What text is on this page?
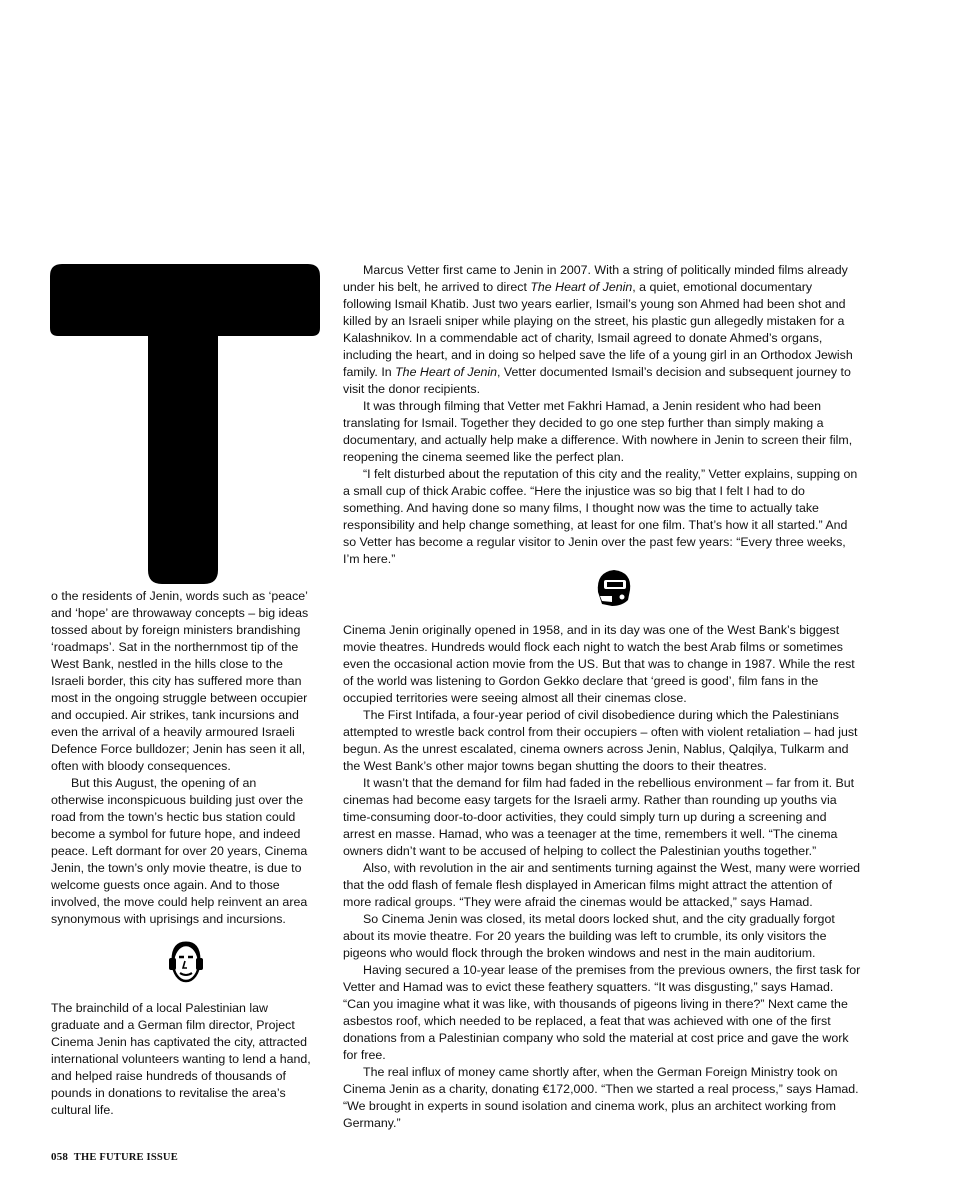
o the residents of Jenin, words such as ‘peace’ and ‘hope’ are throwaway concepts – big ideas tossed about by foreign ministers brandishing ‘roadmaps’. Sat in the northernmost tip of the West Bank, nestled in the hills close to the Israeli border, this city has suffered more than most in the ongoing struggle between occupier and occupied. Air strikes, tank incursions and even the arrival of a heavily armoured Israeli Defence Force bulldozer; Jenin has seen it all, often with bloody consequences.

But this August, the opening of an otherwise inconspicuous building just over the road from the town’s hectic bus station could become a symbol for future hope, and indeed peace. Left dormant for over 20 years, Cinema Jenin, the town’s only movie theatre, is due to welcome guests once again. And to those involved, the move could help reinvent an area synonymous with uprisings and incursions.

The brainchild of a local Palestinian law graduate and a German film director, Project Cinema Jenin has captivated the city, attracted international volunteers wanting to lend a hand, and helped raise hundreds of thousands of pounds in donations to revitalise the area’s cultural life.

Marcus Vetter first came to Jenin in 2007. With a string of politically minded films already under his belt, he arrived to direct The Heart of Jenin, a quiet, emotional documentary following Ismail Khatib. Just two years earlier, Ismail’s young son Ahmed had been shot and killed by an Israeli sniper while playing on the street, his plastic gun allegedly mistaken for a Kalashnikov. In a commendable act of charity, Ismail agreed to donate Ahmed’s organs, including the heart, and in doing so helped save the life of a young girl in an Orthodox Jewish family. In The Heart of Jenin, Vetter documented Ismail’s decision and subsequent journey to visit the donor recipients.

It was through filming that Vetter met Fakhri Hamad, a Jenin resident who had been translating for Ismail. Together they decided to go one step further than simply making a documentary, and actually help make a difference. With nowhere in Jenin to screen their film, reopening the cinema seemed like the perfect plan.

“I felt disturbed about the reputation of this city and the reality,” Vetter explains, supping on a small cup of thick Arabic coffee. “Here the injustice was so big that I felt I had to do something. And having done so many films, I thought now was the time to actually take responsibility and help change something, at least for one film. That’s how it all started.” And so Vetter has become a regular visitor to Jenin over the past few years: “Every three weeks, I’m here.”

Cinema Jenin originally opened in 1958, and in its day was one of the West Bank’s biggest movie theatres. Hundreds would flock each night to watch the best Arab films or sometimes even the occasional action movie from the US. But that was to change in 1987. While the rest of the world was listening to Gordon Gekko declare that ‘greed is good’, film fans in the occupied territories were seeing almost all their cinemas close.

The First Intifada, a four-year period of civil disobedience during which the Palestinians attempted to wrestle back control from their occupiers – often with violent retaliation – had just begun. As the unrest escalated, cinema owners across Jenin, Nablus, Qalqilya, Tulkarm and the West Bank’s other major towns began shutting the doors to their theatres.

It wasn’t that the demand for film had faded in the rebellious environment – far from it. But cinemas had become easy targets for the Israeli army. Rather than rounding up youths via time-consuming door-to-door activities, they could simply turn up during a screening and arrest en masse. Hamad, who was a teenager at the time, remembers it well. “The cinema owners didn’t want to be accused of helping to collect the Palestinian youths together.”

Also, with revolution in the air and sentiments turning against the West, many were worried that the odd flash of female flesh displayed in American films might attract the attention of more radical groups. “They were afraid the cinemas would be attacked,” says Hamad.

So Cinema Jenin was closed, its metal doors locked shut, and the city gradually forgot about its movie theatre. For 20 years the building was left to crumble, its only visitors the pigeons who would flock through the broken windows and nest in the main auditorium.

Having secured a 10-year lease of the premises from the previous owners, the first task for Vetter and Hamad was to evict these feathery squatters. “It was disgusting,” says Hamad. “Can you imagine what it was like, with thousands of pigeons living in there?” Next came the asbestos roof, which needed to be replaced, a feat that was achieved with one of the first donations from a Palestinian company who sold the material at cost price and gave the work for free.

The real influx of money came shortly after, when the German Foreign Ministry took on Cinema Jenin as a charity, donating €172,000. “Then we started a real process,” says Hamad. “We brought in experts in sound isolation and cinema work, plus an architect working from Germany.”

058 THE FUTURE ISSUE
